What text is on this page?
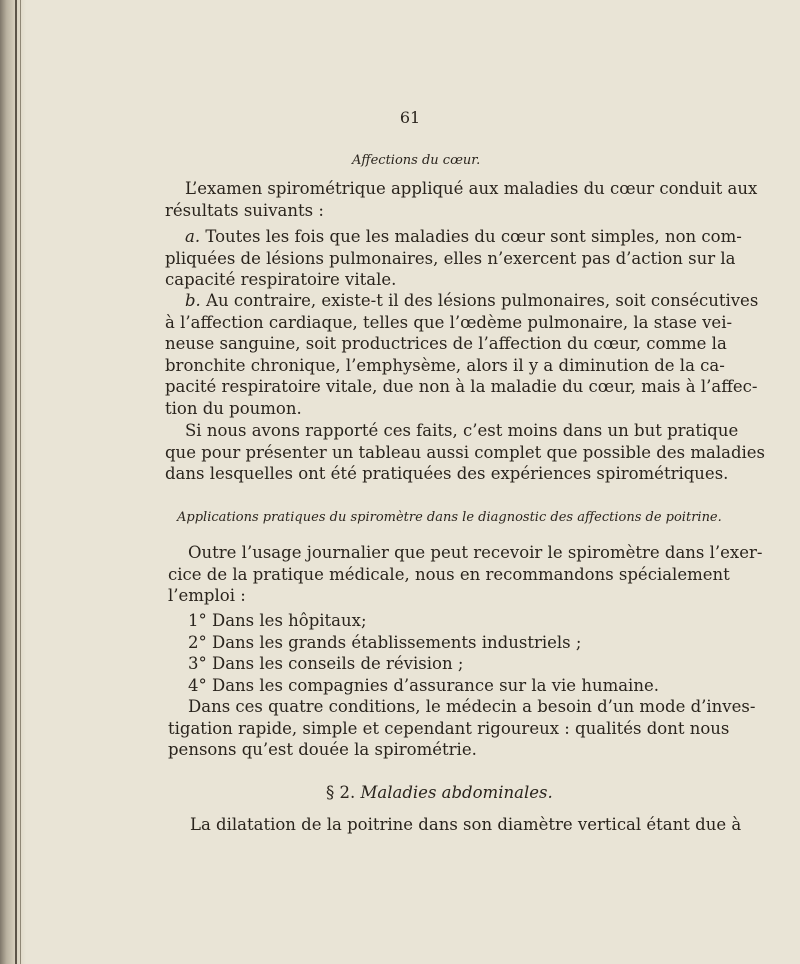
61
Affections du cœur.
L’examen spirométrique appliqué aux maladies du cœur conduit aux
résultats suivants :
a. Toutes les fois que les maladies du cœur sont simples, non com-
pliquées de lésions pulmonaires, elles n’exercent pas d’action sur la
capacité respiratoire vitale.
b. Au contraire, existe-t il des lésions pulmonaires, soit consécutives
à l’affection cardiaque, telles que l’œdème pulmonaire, la stase vei-
neuse sanguine, soit productrices de l’affection du cœur, comme la
bronchite chronique, l’emphysème, alors il y a diminution de la ca-
pacité respiratoire vitale, due non à la maladie du cœur, mais à l’affec-
tion du poumon.
Si nous avons rapporté ces faits, c’est moins dans un but pratique
que pour présenter un tableau aussi complet que possible des maladies
dans lesquelles ont été pratiquées des expériences spirométriques.
Applications pratiques du spiromètre dans le diagnostic des affections de poitrine.
Outre l’usage journalier que peut recevoir le spiromètre dans l’exer-
cice de la pratique médicale, nous en recommandons spécialement
l’emploi :
1° Dans les hôpitaux;
2° Dans les grands établissements industriels ;
3° Dans les conseils de révision ;
4° Dans les compagnies d’assurance sur la vie humaine.
Dans ces quatre conditions, le médecin a besoin d’un mode d’inves-
tigation rapide, simple et cependant rigoureux : qualités dont nous
pensons qu’est douée la spirométrie.
§ 2. Maladies abdominales.
La dilatation de la poitrine dans son diamètre vertical étant due à
